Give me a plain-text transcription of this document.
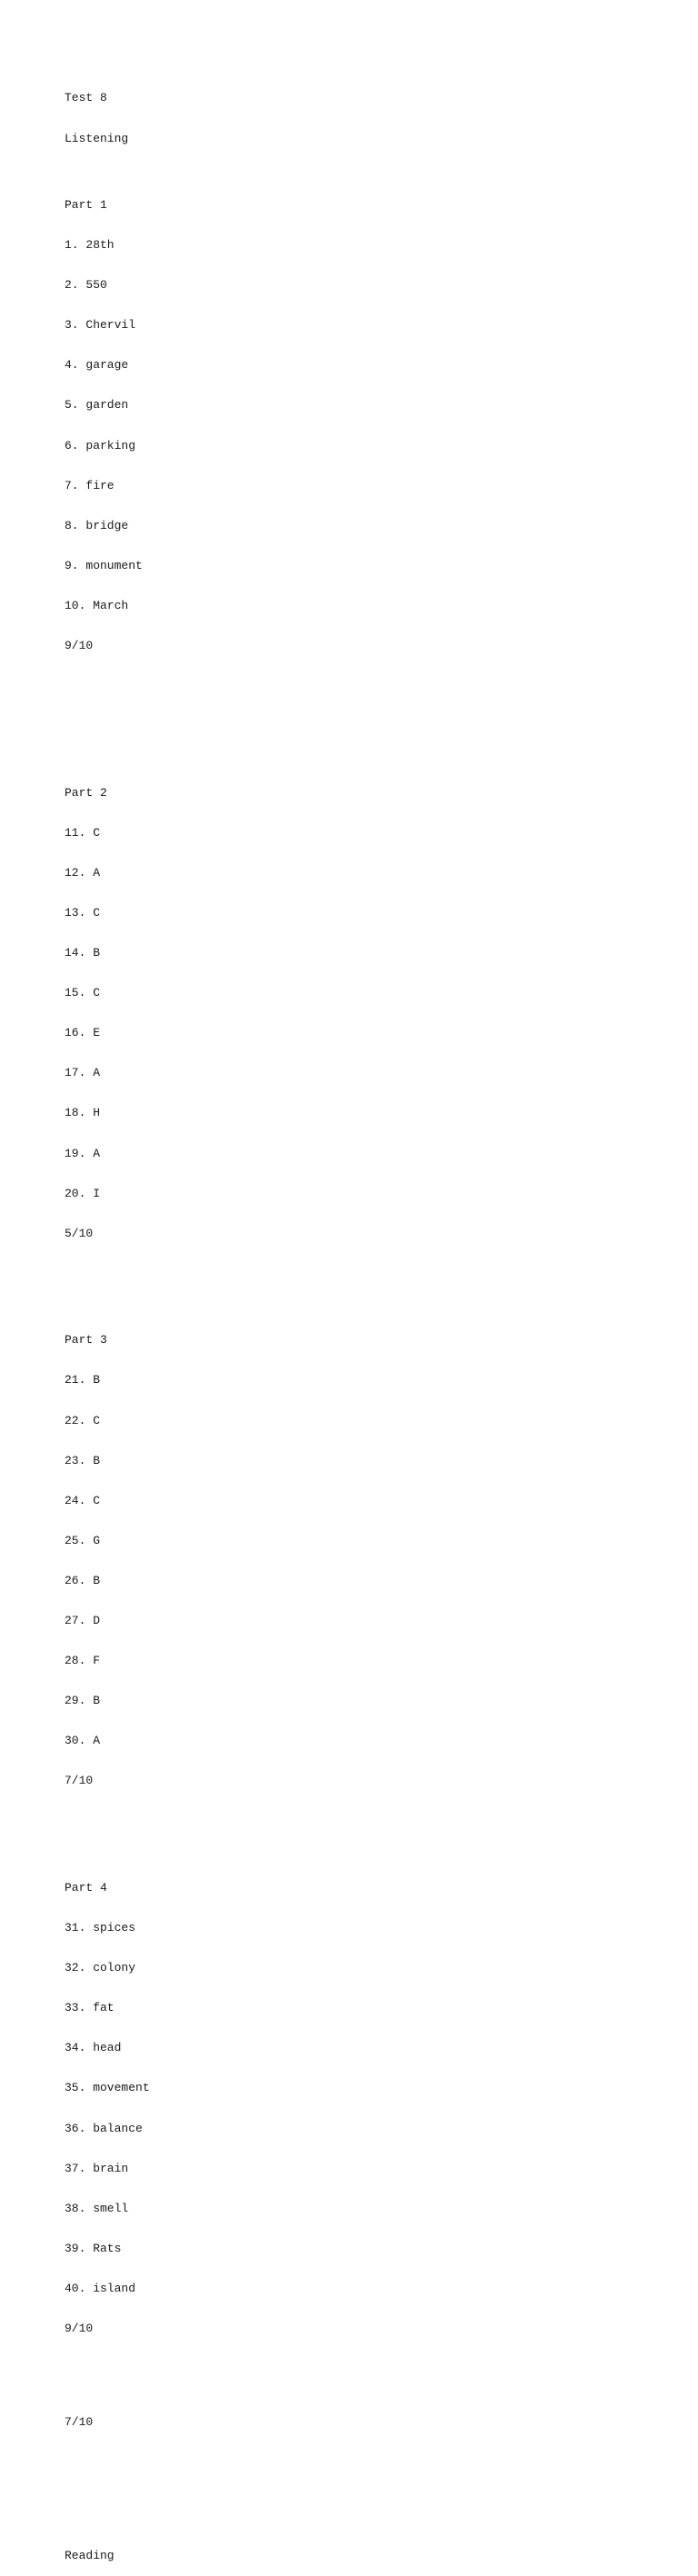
Test 8

Listening

Part 1

1. 28th

2. 550

3. Chervil

4. garage

5. garden

6. parking

7. fire

8. bridge

9. monument

10. March

9/10

Part 2

11. C

12. A

13. C

14. B

15. C

16. E

17. A

18. H

19. A

20. I

5/10

Part 3

21. B

22. C

23. B

24. C

25. G

26. B

27. D

28. F

29. B

30. A

7/10

Part 4

31. spices

32. colony

33. fat

34. head

35. movement

36. balance

37. brain

38. smell

39. Rats

40. island

9/10

7/10

Reading
